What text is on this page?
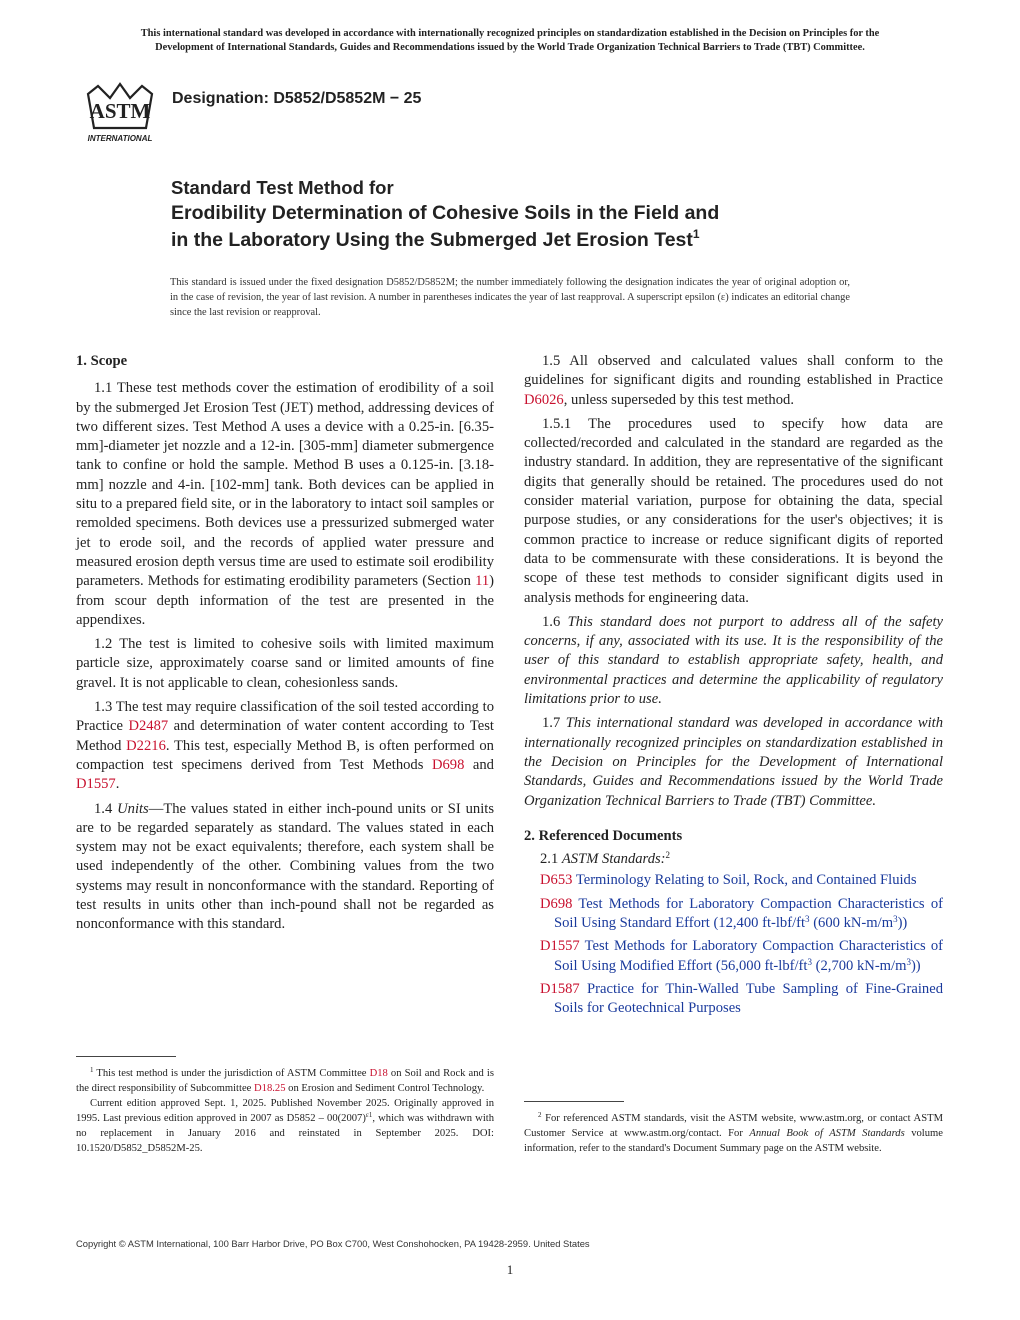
This international standard was developed in accordance with internationally recognized principles on standardization established in the Decision on Principles for the
Development of International Standards, Guides and Recommendations issued by the World Trade Organization Technical Barriers to Trade (TBT) Committee.
ASTM
INTERNATIONAL
Designation: D5852/D5852M − 25
Standard Test Method for
Erodibility Determination of Cohesive Soils in the Field and
in the Laboratory Using the Submerged Jet Erosion Test$^1$
This standard is issued under the fixed designation D5852/D5852M; the number immediately following the designation indicates the year of original adoption or, in the case of revision, the year of last revision. A number in parentheses indicates the year of last reapproval. A superscript epsilon (ε) indicates an editorial change since the last revision or reapproval.

1. Scope

1.1 These test methods cover the estimation of erodibility of a soil by the submerged Jet Erosion Test (JET) method, addressing devices of two different sizes. Test Method A uses a device with a 0.25-in. [6.35-mm]-diameter jet nozzle and a 12-in. [305-mm] diameter submergence tank to confine or hold the sample. Method B uses a 0.125-in. [3.18-mm] nozzle and 4-in. [102-mm] tank. Both devices can be applied in situ to a prepared field site, or in the laboratory to intact soil samples or remolded specimens. Both devices use a pressurized submerged water jet to erode soil, and the records of applied water pressure and measured erosion depth versus time are used to estimate soil erodibility parameters. Methods for estimating erodibility parameters (Section 11) from scour depth information of the test are presented in the appendixes.

1.2 The test is limited to cohesive soils with limited maximum particle size, approximately coarse sand or limited amounts of fine gravel. It is not applicable to clean, cohesionless sands.

1.3 The test may require classification of the soil tested according to Practice D2487 and determination of water content according to Test Method D2216. This test, especially Method B, is often performed on compaction test specimens derived from Test Methods D698 and D1557.

1.4 Units—The values stated in either inch-pound units or SI units are to be regarded separately as standard. The values stated in each system may not be exact equivalents; therefore, each system shall be used independently of the other. Combining values from the two systems may result in nonconformance with the standard. Reporting of test results in units other than inch-pound shall not be regarded as nonconformance with this standard.

1.5 All observed and calculated values shall conform to the guidelines for significant digits and rounding established in Practice D6026, unless superseded by this test method.

1.5.1 The procedures used to specify how data are collected/recorded and calculated in the standard are regarded as the industry standard. In addition, they are representative of the significant digits that generally should be retained. The procedures used do not consider material variation, purpose for obtaining the data, special purpose studies, or any considerations for the user's objectives; it is common practice to increase or reduce significant digits of reported data to be commensurate with these considerations. It is beyond the scope of these test methods to consider significant digits used in analysis methods for engineering data.

1.6 This standard does not purport to address all of the safety concerns, if any, associated with its use. It is the responsibility of the user of this standard to establish appropriate safety, health, and environmental practices and determine the applicability of regulatory limitations prior to use.

1.7 This international standard was developed in accordance with internationally recognized principles on standardization established in the Decision on Principles for the Development of International Standards, Guides and Recommendations issued by the World Trade Organization Technical Barriers to Trade (TBT) Committee.

2. Referenced Documents

2.1 ASTM Standards:$^2$

D653 Terminology Relating to Soil, Rock, and Contained Fluids

D698 Test Methods for Laboratory Compaction Characteristics of Soil Using Standard Effort (12,400 $ft-lbf/ft^3$ (600 $kN-m/m^3$))

D1557 Test Methods for Laboratory Compaction Characteristics of Soil Using Modified Effort (56,000 $ft-lbf/ft^3$ (2,700 $kN-m/m^3$))

D1587 Practice for Thin-Walled Tube Sampling of Fine-Grained Soils for Geotechnical Purposes

$^1$ This test method is under the jurisdiction of ASTM Committee D18 on Soil and Rock and is the direct responsibility of Subcommittee D18.25 on Erosion and Sediment Control Technology.

Current edition approved Sept. 1, 2025. Published November 2025. Originally approved in 1995. Last previous edition approved in 2007 as $D5852 - 00(2007)^{\varepsilon 1}$, which was withdrawn with no replacement in January 2016 and reinstated in September 2025. DOI: 10.1520/D5852_D5852M-25.

$^2$ For referenced ASTM standards, visit the ASTM website, www.astm.org, or contact ASTM Customer Service at www.astm.org/contact. For Annual Book of ASTM Standards volume information, refer to the standard's Document Summary page on the ASTM website.

Copyright © ASTM International, 100 Barr Harbor Drive, PO Box C700, West Conshohocken, PA 19428-2959. United States
1
